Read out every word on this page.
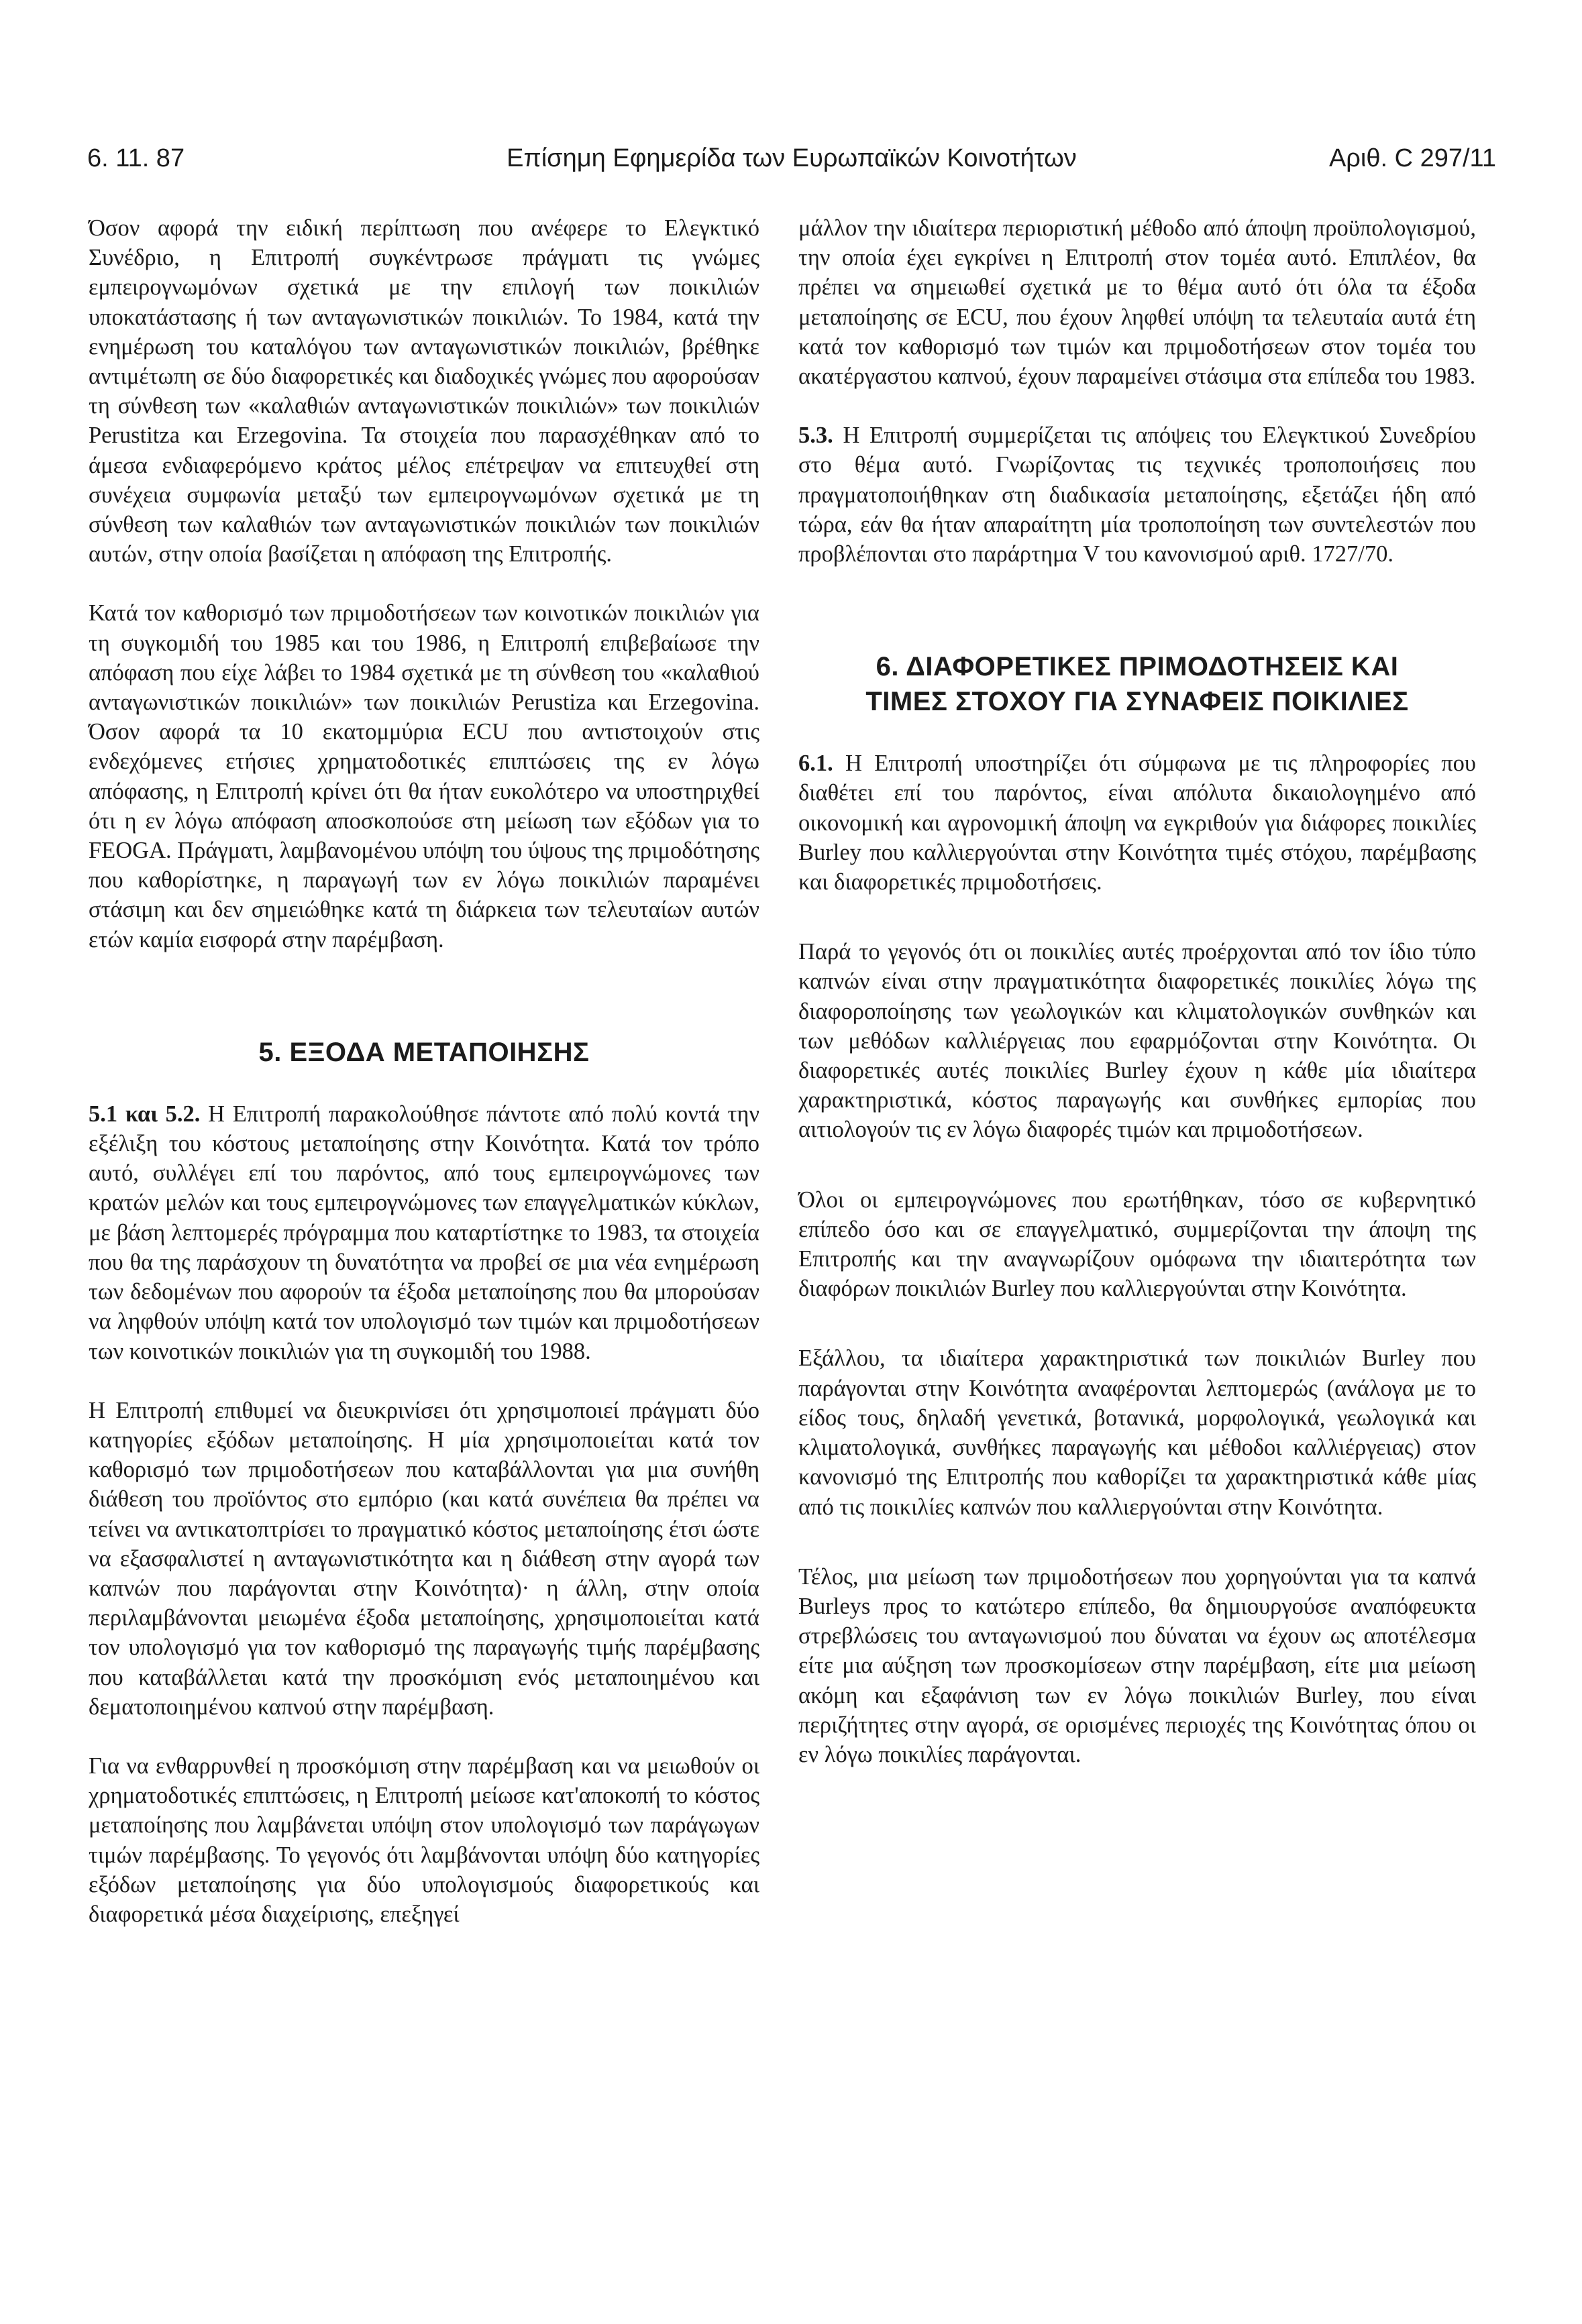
6. 11. 87	Επίσημη Εφημερίδα των Ευρωπαϊκών Κοινοτήτων	Αριθ. C 297/11

Όσον αφορά την ειδική περίπτωση που ανέφερε το Ελεγκτικό Συνέδριο, η Επιτροπή συγκέντρωσε πράγματι τις γνώμες εμπειρογνωμόνων σχετικά με την επιλογή των ποικιλιών υποκατάστασης ή των ανταγωνιστικών ποικιλιών. Το 1984, κατά την ενημέρωση του καταλόγου των ανταγωνιστικών ποικιλιών, βρέθηκε αντιμέτωπη σε δύο διαφορετικές και διαδοχικές γνώμες που αφορούσαν τη σύνθεση των «καλαθιών ανταγωνιστικών ποικιλιών» των ποικιλιών Perustitza και Erzegovina. Τα στοιχεία που παρασχέθηκαν από το άμεσα ενδιαφερόμενο κράτος μέλος επέτρεψαν να επιτευχθεί στη συνέχεια συμφωνία μεταξύ των εμπειρογνωμόνων σχετικά με τη σύνθεση των καλαθιών των ανταγωνιστικών ποικιλιών των ποικιλιών αυτών, στην οποία βασίζεται η απόφαση της Επιτροπής.

Κατά τον καθορισμό των πριμοδοτήσεων των κοινοτικών ποικιλιών για τη συγκομιδή του 1985 και του 1986, η Επιτροπή επιβεβαίωσε την απόφαση που είχε λάβει το 1984 σχετικά με τη σύνθεση του «καλαθιού ανταγωνιστικών ποικιλιών» των ποικιλιών Perustiza και Erzegovina. Όσον αφορά τα 10 εκατομμύρια ECU που αντιστοιχούν στις ενδεχόμενες ετήσιες χρηματοδοτικές επιπτώσεις της εν λόγω απόφασης, η Επιτροπή κρίνει ότι θα ήταν ευκολότερο να υποστηριχθεί ότι η εν λόγω απόφαση αποσκοπούσε στη μείωση των εξόδων για το FEOGA. Πράγματι, λαμβανομένου υπόψη του ύψους της πριμοδότησης που καθορίστηκε, η παραγωγή των εν λόγω ποικιλιών παραμένει στάσιμη και δεν σημειώθηκε κατά τη διάρκεια των τελευταίων αυτών ετών καμία εισφορά στην παρέμβαση.

5. ΕΞΟΔΑ ΜΕΤΑΠΟΙΗΣΗΣ

5.1 και 5.2. Η Επιτροπή παρακολούθησε πάντοτε από πολύ κοντά την εξέλιξη του κόστους μεταποίησης στην Κοινότητα. Κατά τον τρόπο αυτό, συλλέγει επί του παρόντος, από τους εμπειρογνώμονες των κρατών μελών και τους εμπειρογνώμονες των επαγγελματικών κύκλων, με βάση λεπτομερές πρόγραμμα που καταρτίστηκε το 1983, τα στοιχεία που θα της παράσχουν τη δυνατότητα να προβεί σε μια νέα ενημέρωση των δεδομένων που αφορούν τα έξοδα μεταποίησης που θα μπορούσαν να ληφθούν υπόψη κατά τον υπολογισμό των τιμών και πριμοδοτήσεων των κοινοτικών ποικιλιών για τη συγκομιδή του 1988.

Η Επιτροπή επιθυμεί να διευκρινίσει ότι χρησιμοποιεί πράγματι δύο κατηγορίες εξόδων μεταποίησης. Η μία χρησιμοποιείται κατά τον καθορισμό των πριμοδοτήσεων που καταβάλλονται για μια συνήθη διάθεση του προϊόντος στο εμπόριο (και κατά συνέπεια θα πρέπει να τείνει να αντικατοπτρίσει το πραγματικό κόστος μεταποίησης έτσι ώστε να εξασφαλιστεί η ανταγωνιστικότητα και η διάθεση στην αγορά των καπνών που παράγονται στην Κοινότητα)· η άλλη, στην οποία περιλαμβάνονται μειωμένα έξοδα μεταποίησης, χρησιμοποιείται κατά τον υπολογισμό για τον καθορισμό της παραγωγής τιμής παρέμβασης που καταβάλλεται κατά την προσκόμιση ενός μεταποιημένου και δεματοποιημένου καπνού στην παρέμβαση.

Για να ενθαρρυνθεί η προσκόμιση στην παρέμβαση και να μειωθούν οι χρηματοδοτικές επιπτώσεις, η Επιτροπή μείωσε κατ'αποκοπή το κόστος μεταποίησης που λαμβάνεται υπόψη στον υπολογισμό των παράγωγων τιμών παρέμβασης. Το γεγονός ότι λαμβάνονται υπόψη δύο κατηγορίες εξόδων μεταποίησης για δύο υπολογισμούς διαφορετικούς και διαφορετικά μέσα διαχείρισης, επεξηγεί

μάλλον την ιδιαίτερα περιοριστική μέθοδο από άποψη προϋπολογισμού, την οποία έχει εγκρίνει η Επιτροπή στον τομέα αυτό. Επιπλέον, θα πρέπει να σημειωθεί σχετικά με το θέμα αυτό ότι όλα τα έξοδα μεταποίησης σε ECU, που έχουν ληφθεί υπόψη τα τελευταία αυτά έτη κατά τον καθορισμό των τιμών και πριμοδοτήσεων στον τομέα του ακατέργαστου καπνού, έχουν παραμείνει στάσιμα στα επίπεδα του 1983.

5.3. Η Επιτροπή συμμερίζεται τις απόψεις του Ελεγκτικού Συνεδρίου στο θέμα αυτό. Γνωρίζοντας τις τεχνικές τροποποιήσεις που πραγματοποιήθηκαν στη διαδικασία μεταποίησης, εξετάζει ήδη από τώρα, εάν θα ήταν απαραίτητη μία τροποποίηση των συντελεστών που προβλέπονται στο παράρτημα V του κανονισμού αριθ. 1727/70.

6. ΔΙΑΦΟΡΕΤΙΚΕΣ ΠΡΙΜΟΔΟΤΗΣΕΙΣ ΚΑΙ
ΤΙΜΕΣ ΣΤΟΧΟΥ ΓΙΑ ΣΥΝΑΦΕΙΣ ΠΟΙΚΙΛΙΕΣ

6.1. Η Επιτροπή υποστηρίζει ότι σύμφωνα με τις πληροφορίες που διαθέτει επί του παρόντος, είναι απόλυτα δικαιολογημένο από οικονομική και αγρονομική άποψη να εγκριθούν για διάφορες ποικιλίες Burley που καλλιεργούνται στην Κοινότητα τιμές στόχου, παρέμβασης και διαφορετικές πριμοδοτήσεις.

Παρά το γεγονός ότι οι ποικιλίες αυτές προέρχονται από τον ίδιο τύπο καπνών είναι στην πραγματικότητα διαφορετικές ποικιλίες λόγω της διαφοροποίησης των γεωλογικών και κλιματολογικών συνθηκών και των μεθόδων καλλιέργειας που εφαρμόζονται στην Κοινότητα. Οι διαφορετικές αυτές ποικιλίες Burley έχουν η κάθε μία ιδιαίτερα χαρακτηριστικά, κόστος παραγωγής και συνθήκες εμπορίας που αιτιολογούν τις εν λόγω διαφορές τιμών και πριμοδοτήσεων.

Όλοι οι εμπειρογνώμονες που ερωτήθηκαν, τόσο σε κυβερνητικό επίπεδο όσο και σε επαγγελματικό, συμμερίζονται την άποψη της Επιτροπής και την αναγνωρίζουν ομόφωνα την ιδιαιτερότητα των διαφόρων ποικιλιών Burley που καλλιεργούνται στην Κοινότητα.

Εξάλλου, τα ιδιαίτερα χαρακτηριστικά των ποικιλιών Burley που παράγονται στην Κοινότητα αναφέρονται λεπτομερώς (ανάλογα με το είδος τους, δηλαδή γενετικά, βοτανικά, μορφολογικά, γεωλογικά και κλιματολογικά, συνθήκες παραγωγής και μέθοδοι καλλιέργειας) στον κανονισμό της Επιτροπής που καθορίζει τα χαρακτηριστικά κάθε μίας από τις ποικιλίες καπνών που καλλιεργούνται στην Κοινότητα.

Τέλος, μια μείωση των πριμοδοτήσεων που χορηγούνται για τα καπνά Burleys προς το κατώτερο επίπεδο, θα δημιουργούσε αναπόφευκτα στρεβλώσεις του ανταγωνισμού που δύναται να έχουν ως αποτέλεσμα είτε μια αύξηση των προσκομίσεων στην παρέμβαση, είτε μια μείωση ακόμη και εξαφάνιση των εν λόγω ποικιλιών Burley, που είναι περιζήτητες στην αγορά, σε ορισμένες περιοχές της Κοινότητας όπου οι εν λόγω ποικιλίες παράγονται.
